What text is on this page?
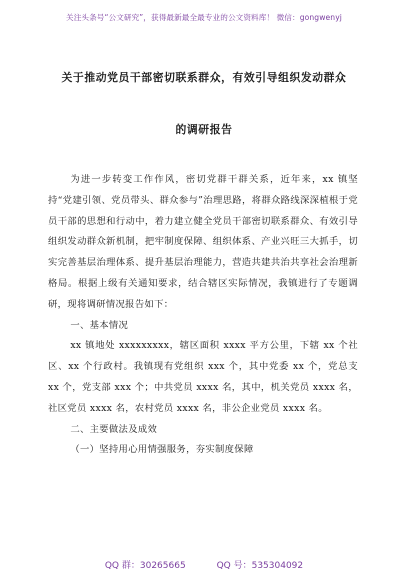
关注头条号“公文研究”，获得最新最全最专业的公文资料库！ 微信：gongwenyj
关于推动党员干部密切联系群众，有效引导组织发动群众
的调研报告

为进一步转变工作作风，密切党群干群关系，近年来，xx 镇坚持“党建引领、党员带头、群众参与”治理思路，将群众路线深深植根于党员干部的思想和行动中，着力建立健全党员干部密切联系群众、有效引导组织发动群众新机制，把牢制度保障、组织体系、产业兴旺三大抓手，切实完善基层治理体系、提升基层治理能力，营造共建共治共享社会治理新格局。根据上级有关通知要求，结合辖区实际情况，我镇进行了专题调研，现将调研情况报告如下：

一、基本情况

xx 镇地处 xxxxxxxxx，辖区面积 xxxx 平方公里，下辖 xx 个社区、xx 个行政村。我镇现有党组织 xxx 个，其中党委 xx 个，党总支 xx 个，党支部 xxx 个；中共党员 xxxx 名，其中，机关党员 xxxx 名，社区党员 xxxx 名，农村党员 xxxx 名，非公企业党员 xxxx 名。

二、主要做法及成效

（一）坚持用心用情强服务，夯实制度保障

QQ 群：30265665	QQ 号：535304092
